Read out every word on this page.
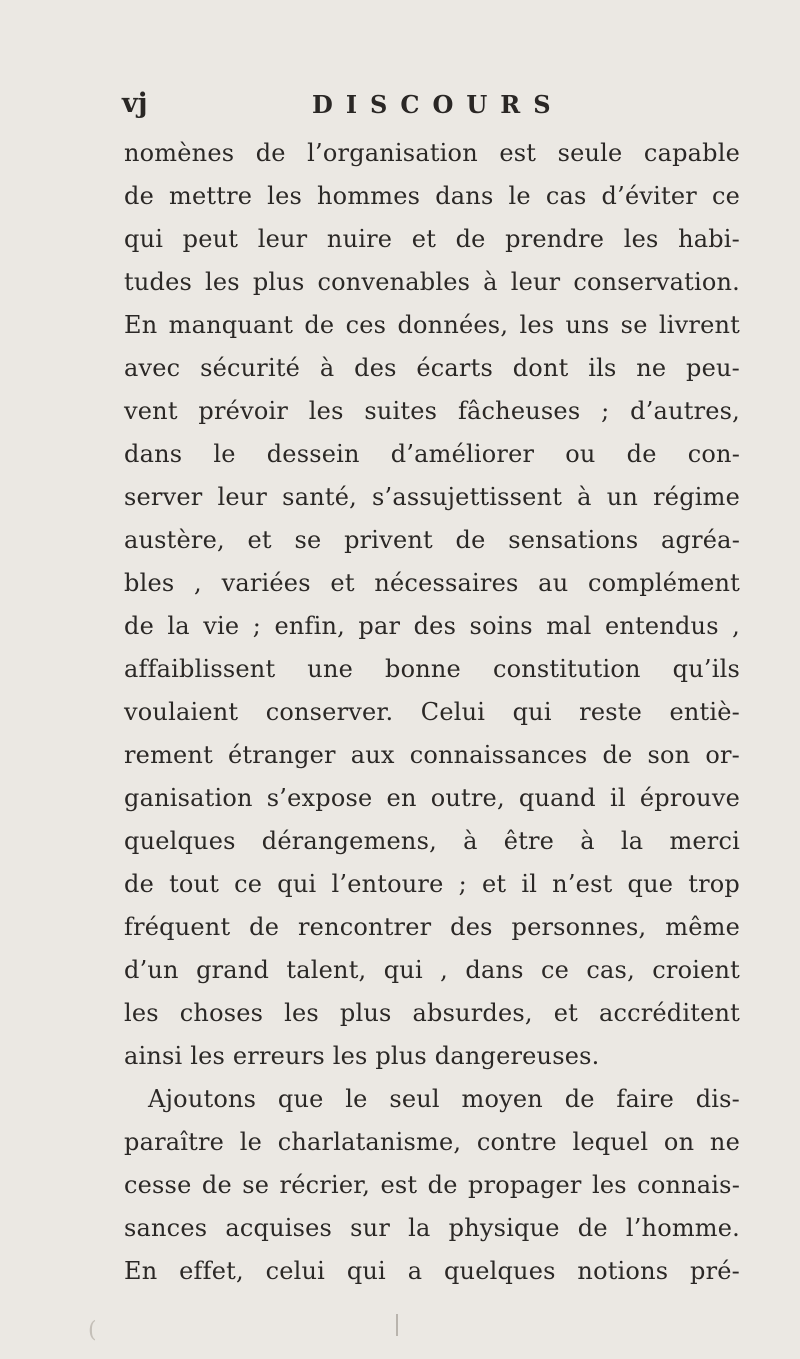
vj	DISCOURS
nomènes de l’organisation est seule capable
de mettre les hommes dans le cas d’éviter ce
qui peut leur nuire et de prendre les habi-
tudes les plus convenables à leur conservation.
En manquant de ces données, les uns se livrent
avec sécurité à des écarts dont ils ne peu-
vent prévoir les suites fâcheuses ; d’autres,
dans le dessein d’améliorer ou de con-
server leur santé, s’assujettissent à un régime
austère, et se privent de sensations agréa-
bles , variées et nécessaires au complément
de la vie ; enfin, par des soins mal entendus ,
affaiblissent une bonne constitution qu’ils
voulaient conserver. Celui qui reste entiè-
rement étranger aux connaissances de son or-
ganisation s’expose en outre, quand il éprouve
quelques dérangemens, à être à la merci
de tout ce qui l’entoure ; et il n’est que trop
fréquent de rencontrer des personnes, même
d’un grand talent, qui , dans ce cas, croient
les choses les plus absurdes, et accréditent
ainsi les erreurs les plus dangereuses.
Ajoutons que le seul moyen de faire dis-
paraître le charlatanisme, contre lequel on ne
cesse de se récrier, est de propager les connais-
sances acquises sur la physique de l’homme.
En effet, celui qui a quelques notions pré-
(
